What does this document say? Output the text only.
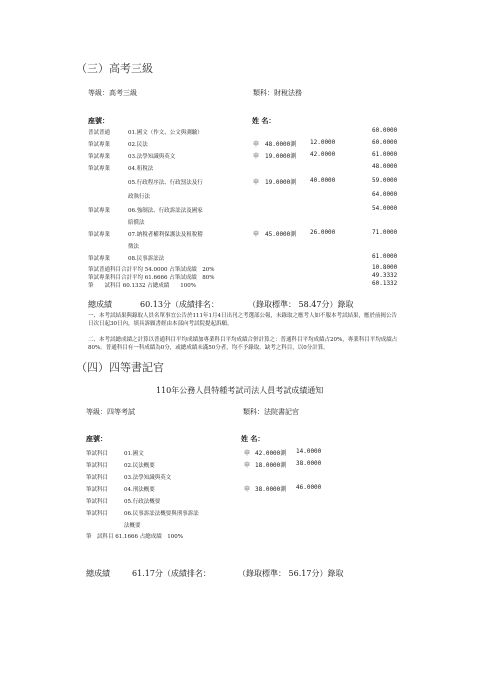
（三）高考三級
等級：高考三級	類科：財稅法務
座號：	姓 名：
普試普通	01.國文（作文、公文與測驗）	60.0000
筆試專業	02.民法	申 48.0000測 12.0000	60.0000
筆試專業	03.法學知識與英文	申 19.0000測 42.0000	61.0000
筆試專業	04.租稅法	48.0000
05.行政程序法、行政罰法及行	申 19.0000測 40.0000	59.0000
政執行法	64.0000
筆試專業	06.強制法、行政訴訟法及國家	54.0000
賠償法
筆試專業	07.納稅者權利保護法及租稅稽	申 45.0000測 26.0000	71.0000
徵法
筆試專業	08.民事訴訟法	61.0000
筆試普通科目合計平均 54.0000 占筆試成績　20%	10.8000
筆試專業科目合計平均 61.6666 占筆試成績　80%	49.3332
筆　　試科目 60.1332 占總成績　　100%	60.1332
總成績	60.13分（成績排名：	（錄取標準： 58.47分）錄取
一、本考試結果與錄取人員名單事宜公告於111年1月4日出刊之考選部公報，未錄取之應考人如不服本考試結果，應於前揭公告日次日起30日內，填具訴願書經由本部向考試院提起訴願。
二、本考試總成績之計算以普通科目平均成績加專業科目平均成績合併計算之：普通科目平均成績占20%，專業科目平均成績占80%。普通科目有一科成績為0分，或總成績未滿50分者，均不予錄取。缺考之科目，以0分計算。
（四）四等書記官
110年公務人員特種考試司法人員考試成績通知
等級：四等考試	類科：法院書記官
座號：	姓 名：
筆試科目	01.國文	申 42.0000測 14.0000
筆試科目	02.民法概要	申 18.0000測 38.0000
筆試科目	03.法學知識與英文
筆試科目	04.刑法概要	申 38.0000測 46.0000
筆試科目	05.行政法概要
筆試科目	06.民事訴訟法概要與刑事訴訟
法概要
筆　試科目 61.1666 占總成績　100%
總成績	61.17分（成績排名：	（錄取標準： 56.17分）錄取
